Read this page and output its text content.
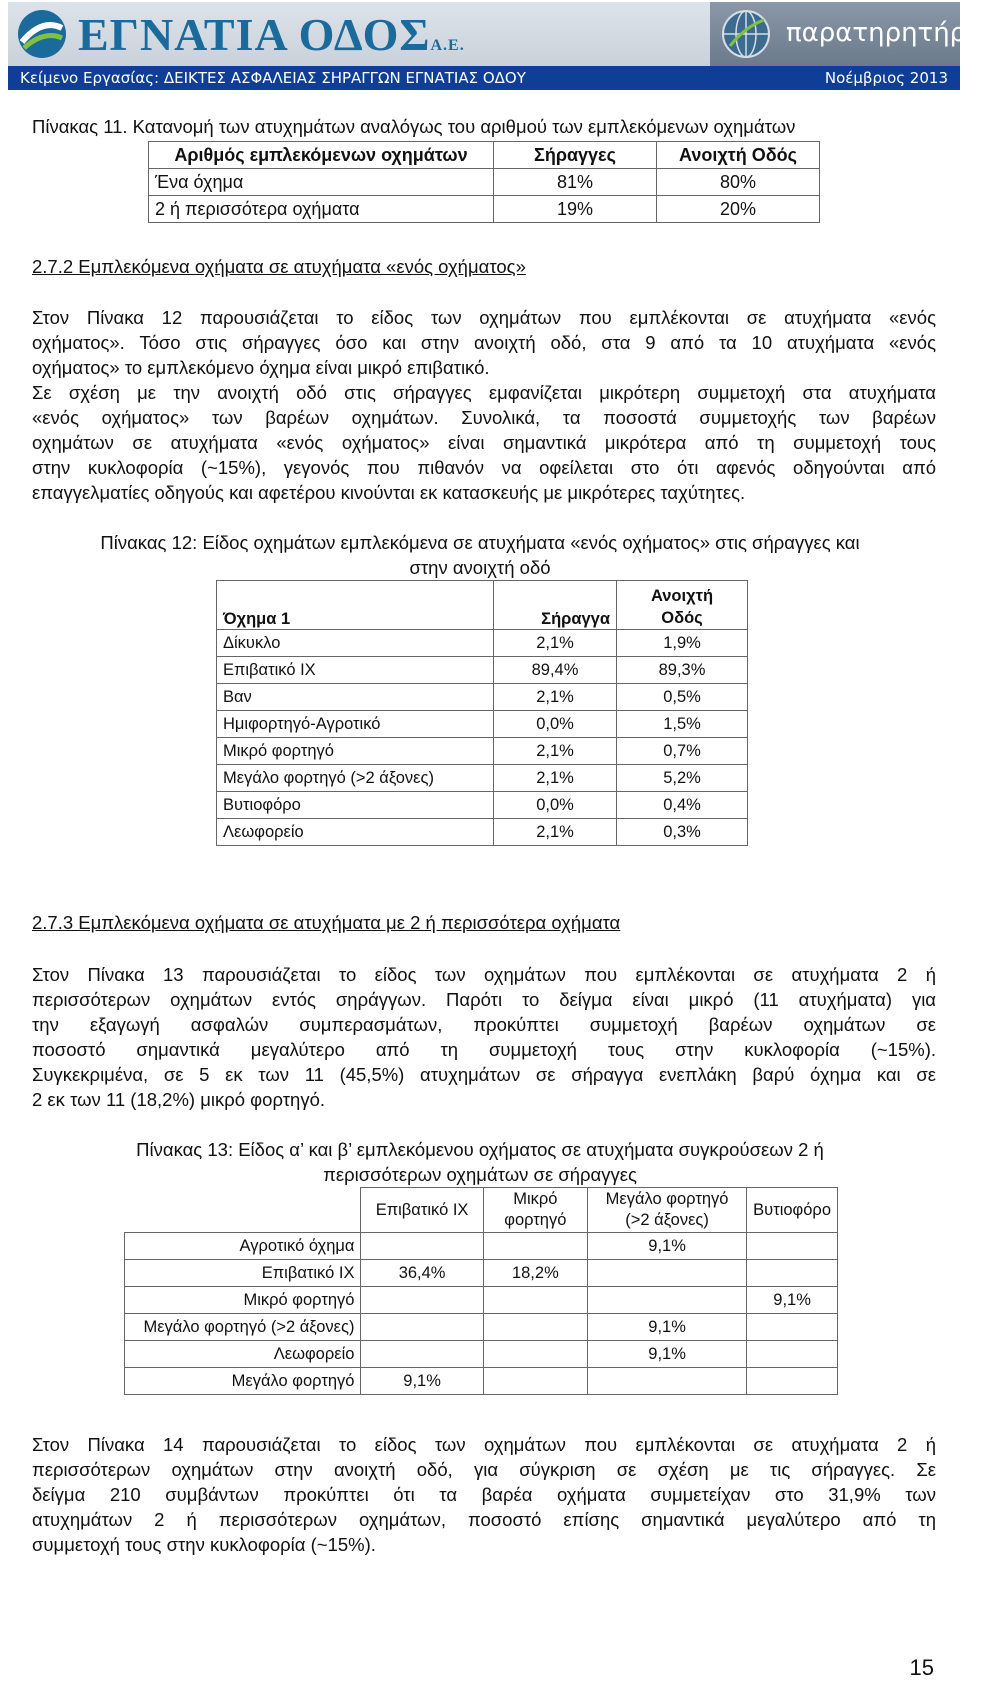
ΕΓΝΑΤΙΑ ΟΔΟΣΑ.Ε.	παρατηρητήριο
Κείμενο Εργασίας: ΔΕΙΚΤΕΣ ΑΣΦΑΛΕΙΑΣ ΣΗΡΑΓΓΩΝ ΕΓΝΑΤΙΑΣ ΟΔΟΥ	Νοέμβριος 2013
Πίνακας 11. Κατανομή των ατυχημάτων αναλόγως του αριθμού των εμπλεκόμενων οχημάτων
Αριθμός εμπλεκόμενων οχημάτων	Σήραγγες	Ανοιχτή Οδός
Ένα όχημα	81%	80%
2 ή περισσότερα οχήματα	19%	20%
2.7.2 Εμπλεκόμενα οχήματα σε ατυχήματα «ενός οχήματος»
Στον Πίνακα 12 παρουσιάζεται το είδος των οχημάτων που εμπλέκονται σε ατυχήματα «ενός
οχήματος». Τόσο στις σήραγγες όσο και στην ανοιχτή οδό, στα 9 από τα 10 ατυχήματα «ενός
οχήματος» το εμπλεκόμενο όχημα είναι μικρό επιβατικό.
Σε σχέση με την ανοιχτή οδό στις σήραγγες εμφανίζεται μικρότερη συμμετοχή στα ατυχήματα
«ενός οχήματος» των βαρέων οχημάτων. Συνολικά, τα ποσοστά συμμετοχής των βαρέων
οχημάτων σε ατυχήματα «ενός οχήματος» είναι σημαντικά μικρότερα από τη συμμετοχή τους
στην κυκλοφορία (~15%), γεγονός που πιθανόν να οφείλεται στο ότι αφενός οδηγούνται από
επαγγελματίες οδηγούς και αφετέρου κινούνται εκ κατασκευής με μικρότερες ταχύτητες.
Πίνακας 12: Είδος οχημάτων εμπλεκόμενα σε ατυχήματα «ενός οχήματος» στις σήραγγες και
στην ανοιχτή οδό
Όχημα 1	Σήραγγα	Ανοιχτή
Οδός
Δίκυκλο	2,1%	1,9%
Επιβατικό ΙΧ	89,4%	89,3%
Βαν	2,1%	0,5%
Ημιφορτηγό-Αγροτικό	0,0%	1,5%
Μικρό φορτηγό	2,1%	0,7%
Μεγάλο φορτηγό (>2 άξονες)	2,1%	5,2%
Βυτιοφόρο	0,0%	0,4%
Λεωφορείο	2,1%	0,3%
2.7.3 Εμπλεκόμενα οχήματα σε ατυχήματα με 2 ή περισσότερα οχήματα
Στον Πίνακα 13 παρουσιάζεται το είδος των οχημάτων που εμπλέκονται σε ατυχήματα 2 ή
περισσότερων οχημάτων εντός σηράγγων. Παρότι το δείγμα είναι μικρό (11 ατυχήματα) για
την εξαγωγή ασφαλών συμπερασμάτων, προκύπτει συμμετοχή βαρέων οχημάτων σε
ποσοστό σημαντικά μεγαλύτερο από τη συμμετοχή τους στην κυκλοφορία (~15%).
Συγκεκριμένα, σε 5 εκ των 11 (45,5%) ατυχημάτων σε σήραγγα ενεπλάκη βαρύ όχημα και σε
2 εκ των 11 (18,2%) μικρό φορτηγό.
Πίνακας 13: Είδος α’ και β’ εμπλεκόμενου οχήματος σε ατυχήματα συγκρούσεων 2 ή
περισσότερων οχημάτων σε σήραγγες
	Επιβατικό ΙΧ	Μικρό
φορτηγό	Μεγάλο φορτηγό
(>2 άξονες)	Βυτιοφόρο
Αγροτικό όχημα			9,1%	
Επιβατικό ΙΧ	36,4%	18,2%		
Μικρό φορτηγό				9,1%
Μεγάλο φορτηγό (>2 άξονες)			9,1%	
Λεωφορείο			9,1%	
Μεγάλο φορτηγό	9,1%			
Στον Πίνακα 14 παρουσιάζεται το είδος των οχημάτων που εμπλέκονται σε ατυχήματα 2 ή
περισσότερων οχημάτων στην ανοιχτή οδό, για σύγκριση σε σχέση με τις σήραγγες. Σε
δείγμα 210 συμβάντων προκύπτει ότι τα βαρέα οχήματα συμμετείχαν στο 31,9% των
ατυχημάτων 2 ή περισσότερων οχημάτων, ποσοστό επίσης σημαντικά μεγαλύτερο από τη
συμμετοχή τους στην κυκλοφορία (~15%).
15
